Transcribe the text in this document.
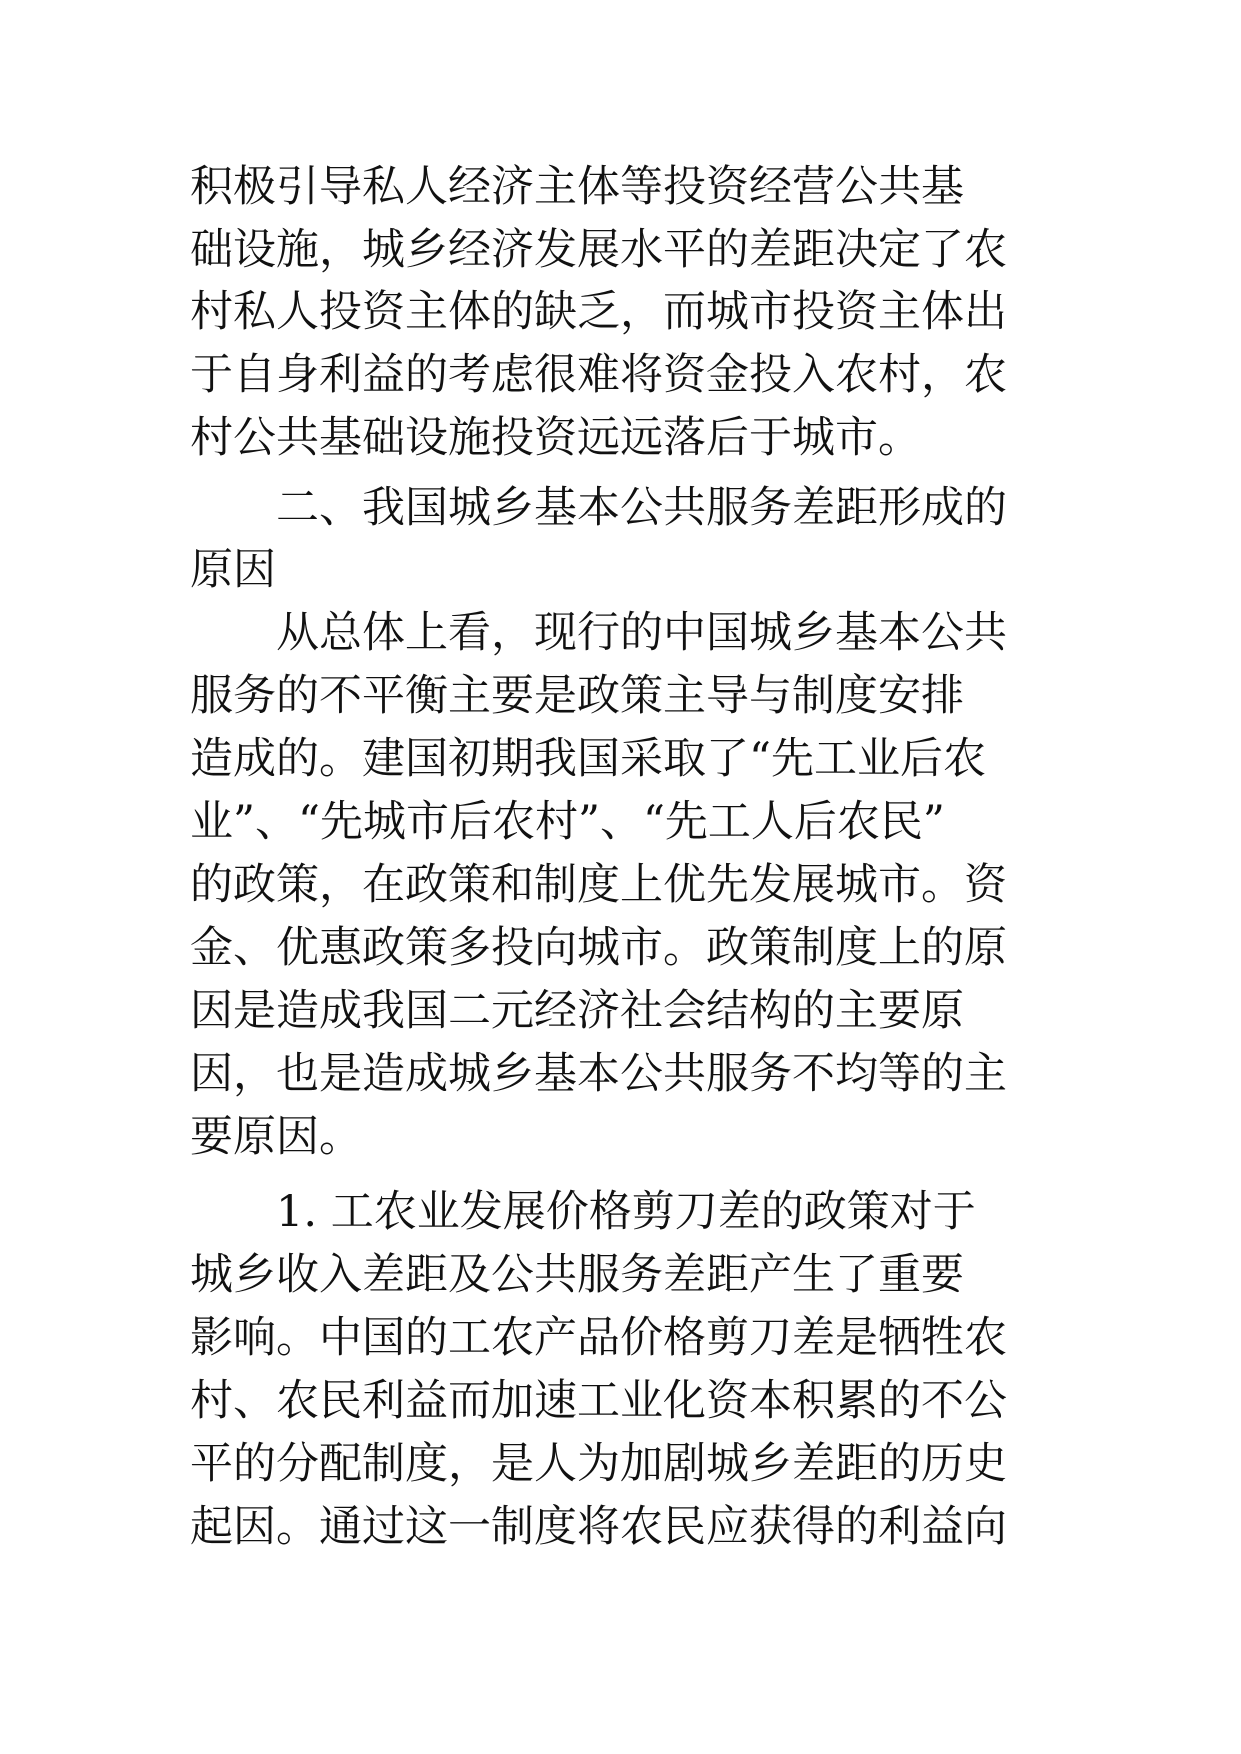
积极引导私人经济主体等投资经营公共基
础设施，城乡经济发展水平的差距决定了农
村私人投资主体的缺乏，而城市投资主体出
于自身利益的考虑很难将资金投入农村，农
村公共基础设施投资远远落后于城市。
二、我国城乡基本公共服务差距形成的
原因
从总体上看，现行的中国城乡基本公共
服务的不平衡主要是政策主导与制度安排
造成的。建国初期我国采取了“先工业后农
业”、“先城市后农村”、“先工人后农民”
的政策，在政策和制度上优先发展城市。资
金、优惠政策多投向城市。政策制度上的原
因是造成我国二元经济社会结构的主要原
因，也是造成城乡基本公共服务不均等的主
要原因。
1. 工农业发展价格剪刀差的政策对于
城乡收入差距及公共服务差距产生了重要
影响。中国的工农产品价格剪刀差是牺牲农
村、农民利益而加速工业化资本积累的不公
平的分配制度，是人为加剧城乡差距的历史
起因。通过这一制度将农民应获得的利益向
